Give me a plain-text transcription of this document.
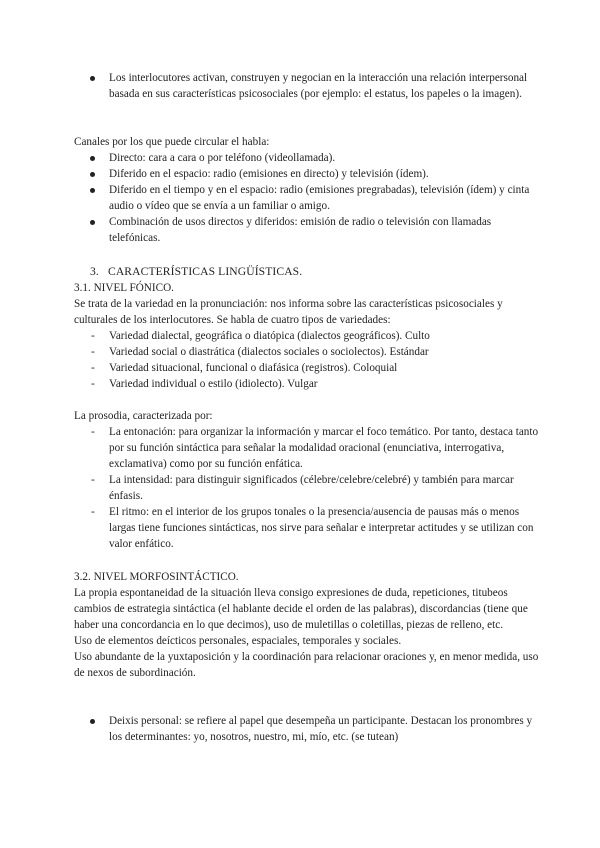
Los interlocutores activan, construyen y negocian en la interacción una relación interpersonal basada en sus características psicosociales (por ejemplo: el estatus, los papeles o la imagen).

Canales por los que puede circular el habla:

Directo: cara a cara o por teléfono (videollamada).
Diferido en el espacio: radio (emisiones en directo) y televisión (ídem).
Diferido en el tiempo y en el espacio: radio (emisiones pregrabadas), televisión (ídem) y cinta audio o vídeo que se envía a un familiar o amigo.
Combinación de usos directos y diferidos: emisión de radio o televisión con llamadas telefónicas.
3. CARACTERÍSTICAS LINGÜÍSTICAS.

3.1. NIVEL FÓNICO.

Se trata de la variedad en la pronunciación: nos informa sobre las características psicosociales y culturales de los interlocutores. Se habla de cuatro tipos de variedades:

- Variedad dialectal, geográfica o diatópica (dialectos geográficos). Culto
- Variedad social o diastrática (dialectos sociales o sociolectos). Estándar
- Variedad situacional, funcional o diafásica (registros). Coloquial
- Variedad individual o estilo (idiolecto). Vulgar

La prosodia, caracterizada por:

- La entonación: para organizar la información y marcar el foco temático. Por tanto, destaca tanto por su función sintáctica para señalar la modalidad oracional (enunciativa, interrogativa, exclamativa) como por su función enfática.
- La intensidad: para distinguir significados (célebre/celebre/celebré) y también para marcar énfasis.
- El ritmo: en el interior de los grupos tonales o la presencia/ausencia de pausas más o menos largas tiene funciones sintácticas, nos sirve para señalar e interpretar actitudes y se utilizan con valor enfático.

3.2. NIVEL MORFOSINTÁCTICO.

La propia espontaneidad de la situación lleva consigo expresiones de duda, repeticiones, titubeos cambios de estrategia sintáctica (el hablante decide el orden de las palabras), discordancias (tiene que haber una concordancia en lo que decimos), uso de muletillas o coletillas, piezas de relleno, etc.

Uso de elementos deícticos personales, espaciales, temporales y sociales.

Uso abundante de la yuxtaposición y la coordinación para relacionar oraciones y, en menor medida, uso de nexos de subordinación.

Deixis personal: se refiere al papel que desempeña un participante. Destacan los pronombres y los determinantes: yo, nosotros, nuestro, mi, mío, etc. (se tutean)
